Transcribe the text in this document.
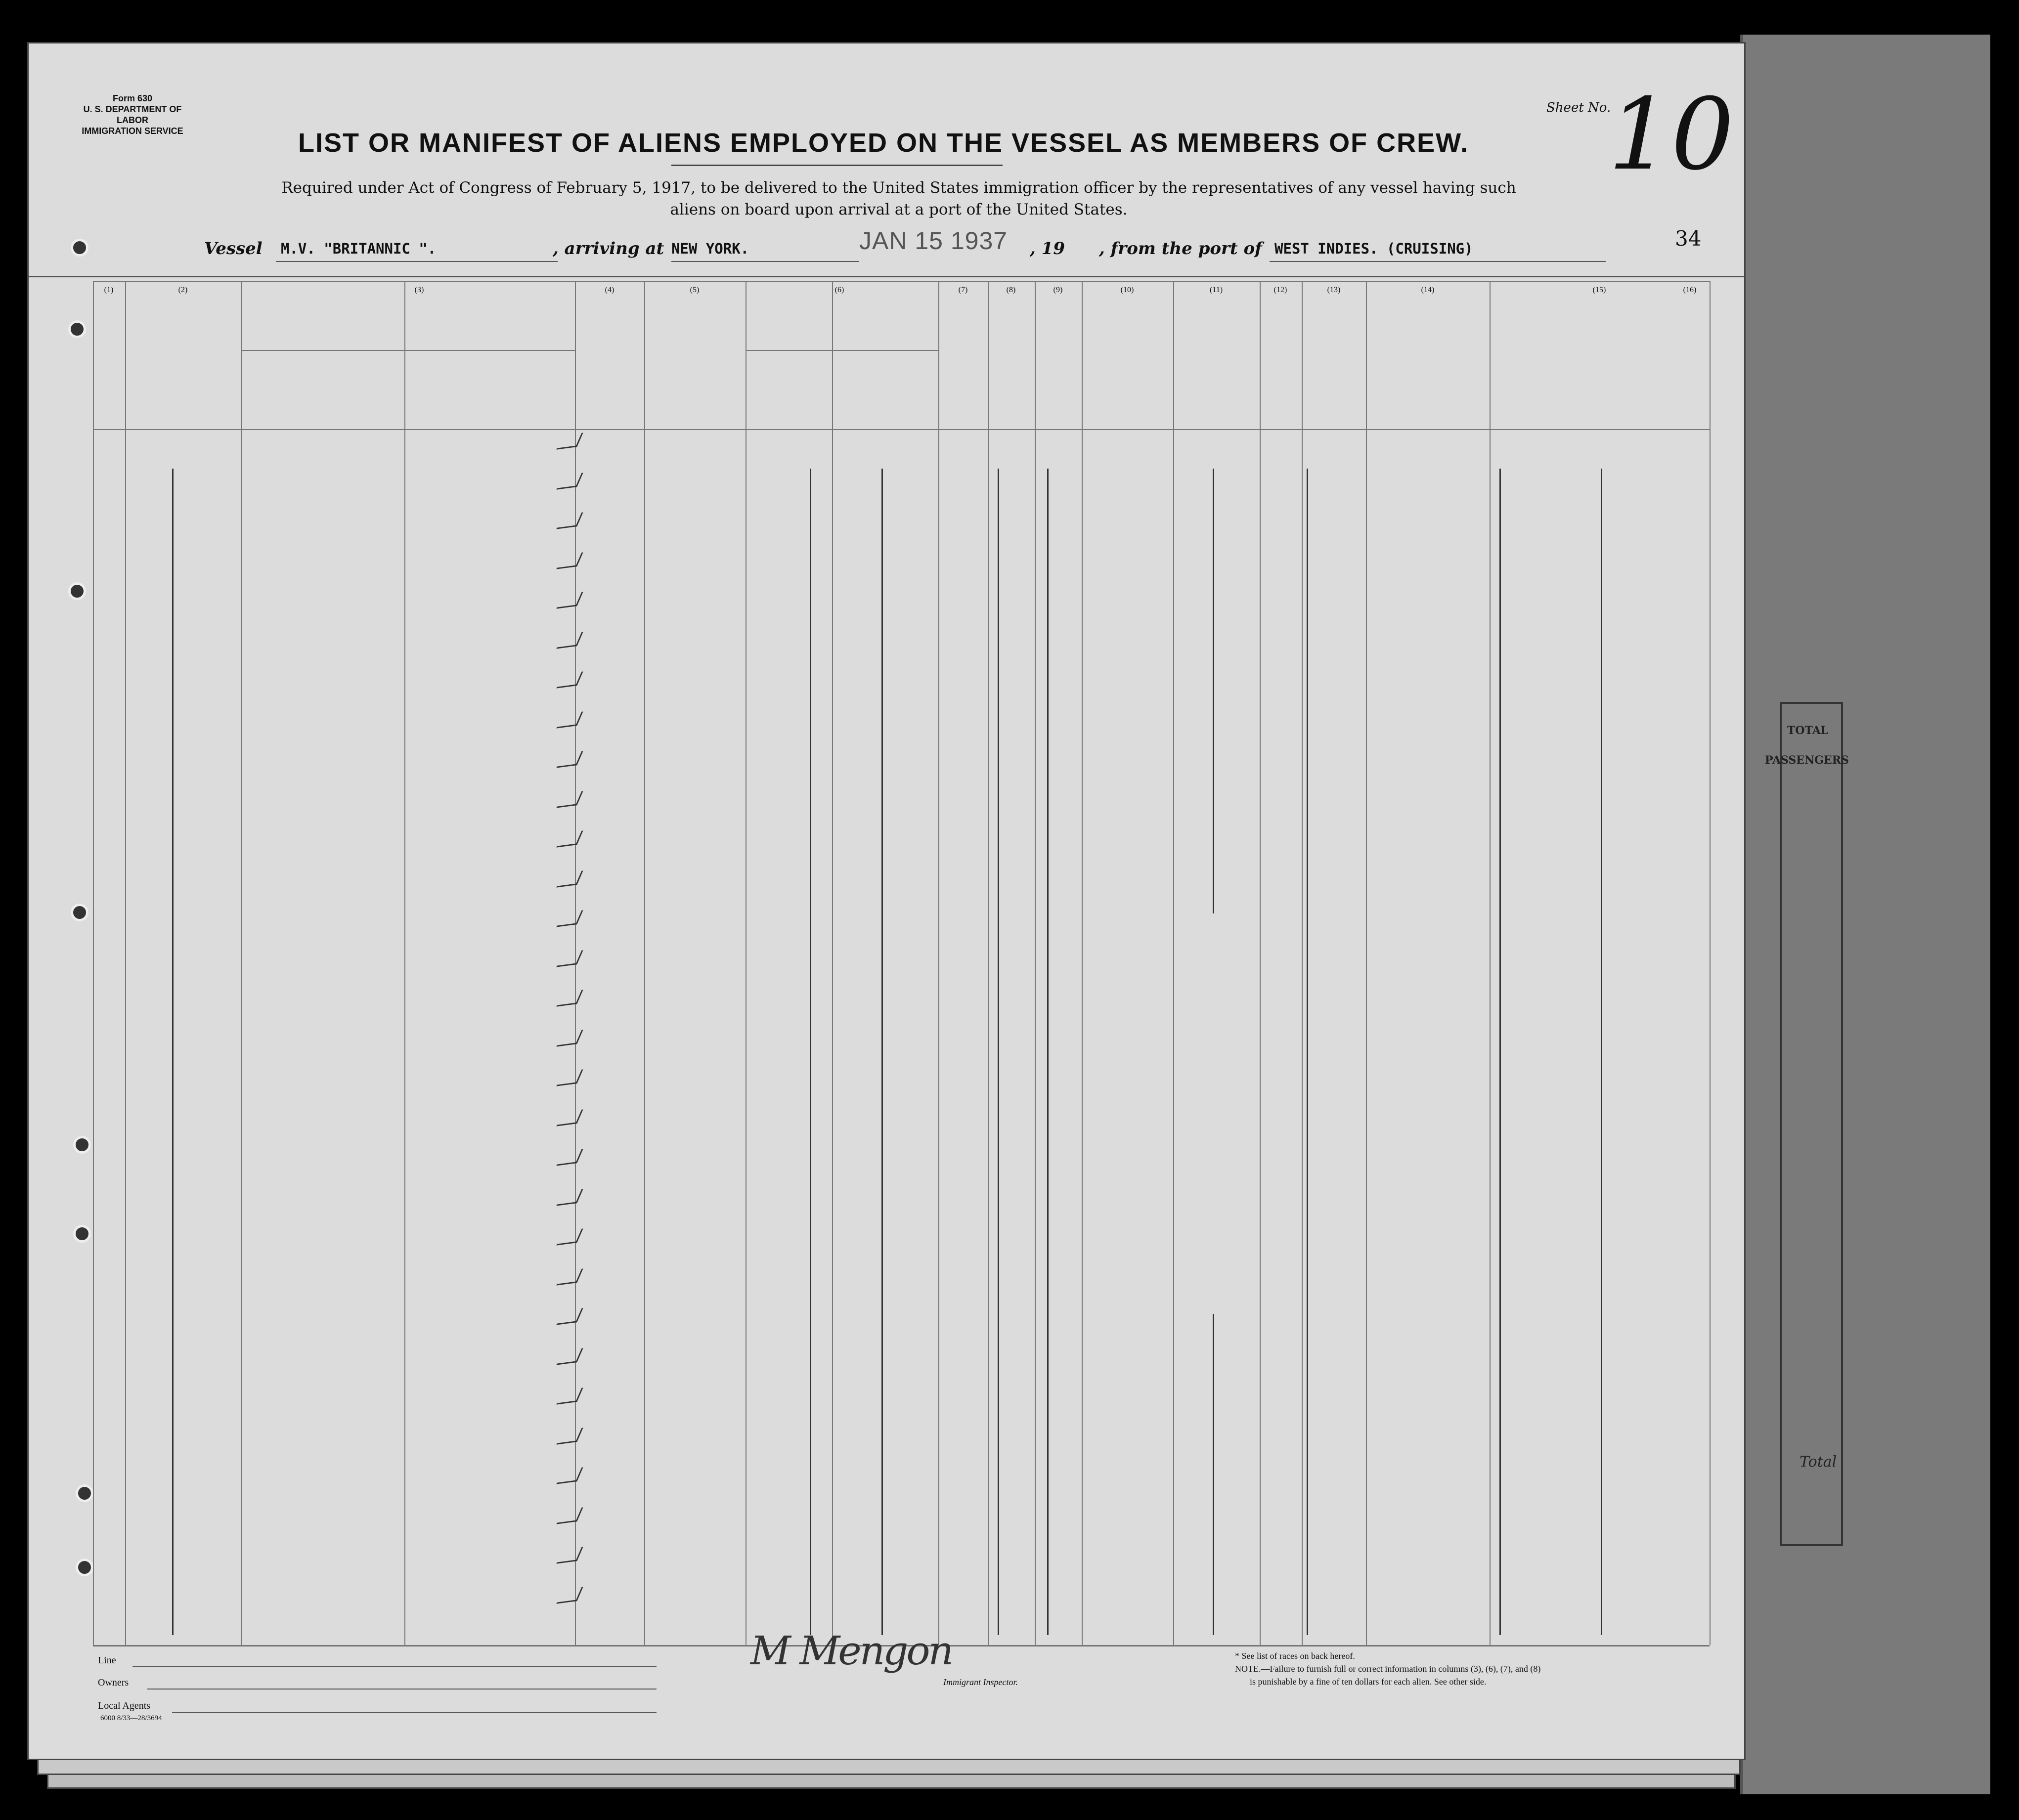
TOTAL
PASSENGERS
Total
Form 630
U. S. DEPARTMENT OF LABOR
IMMIGRATION SERVICE
Sheet No.
10
LIST OR MANIFEST OF ALIENS EMPLOYED ON THE VESSEL AS MEMBERS OF CREW.
Required under Act of Congress of February 5, 1917, to be delivered to the United States immigration officer by the representatives of any vessel having such
aliens on board upon arrival at a port of the United States.
Vessel M.V. "BRITANNIC ".	, arriving at NEW YORK.	JAN 15 1937 , 19 , from the port of WEST INDIES. (CRUISING)	34
(1)	(2)	(3)	(4)	(5)	(6)	(7)	(8)	(9)	(10)	(11)	(12)	(13)	(14)	(15)	(16)
Line
Owners
Local Agents
6000 8/33—28/3694
M Mengon
Immigrant Inspector.
* See list of races on back hereof.
NOTE.—Failure to furnish full or correct information in columns (3), (6), (7), and (8)
is punishable by a fine of ten dollars for each alien. See other side.
